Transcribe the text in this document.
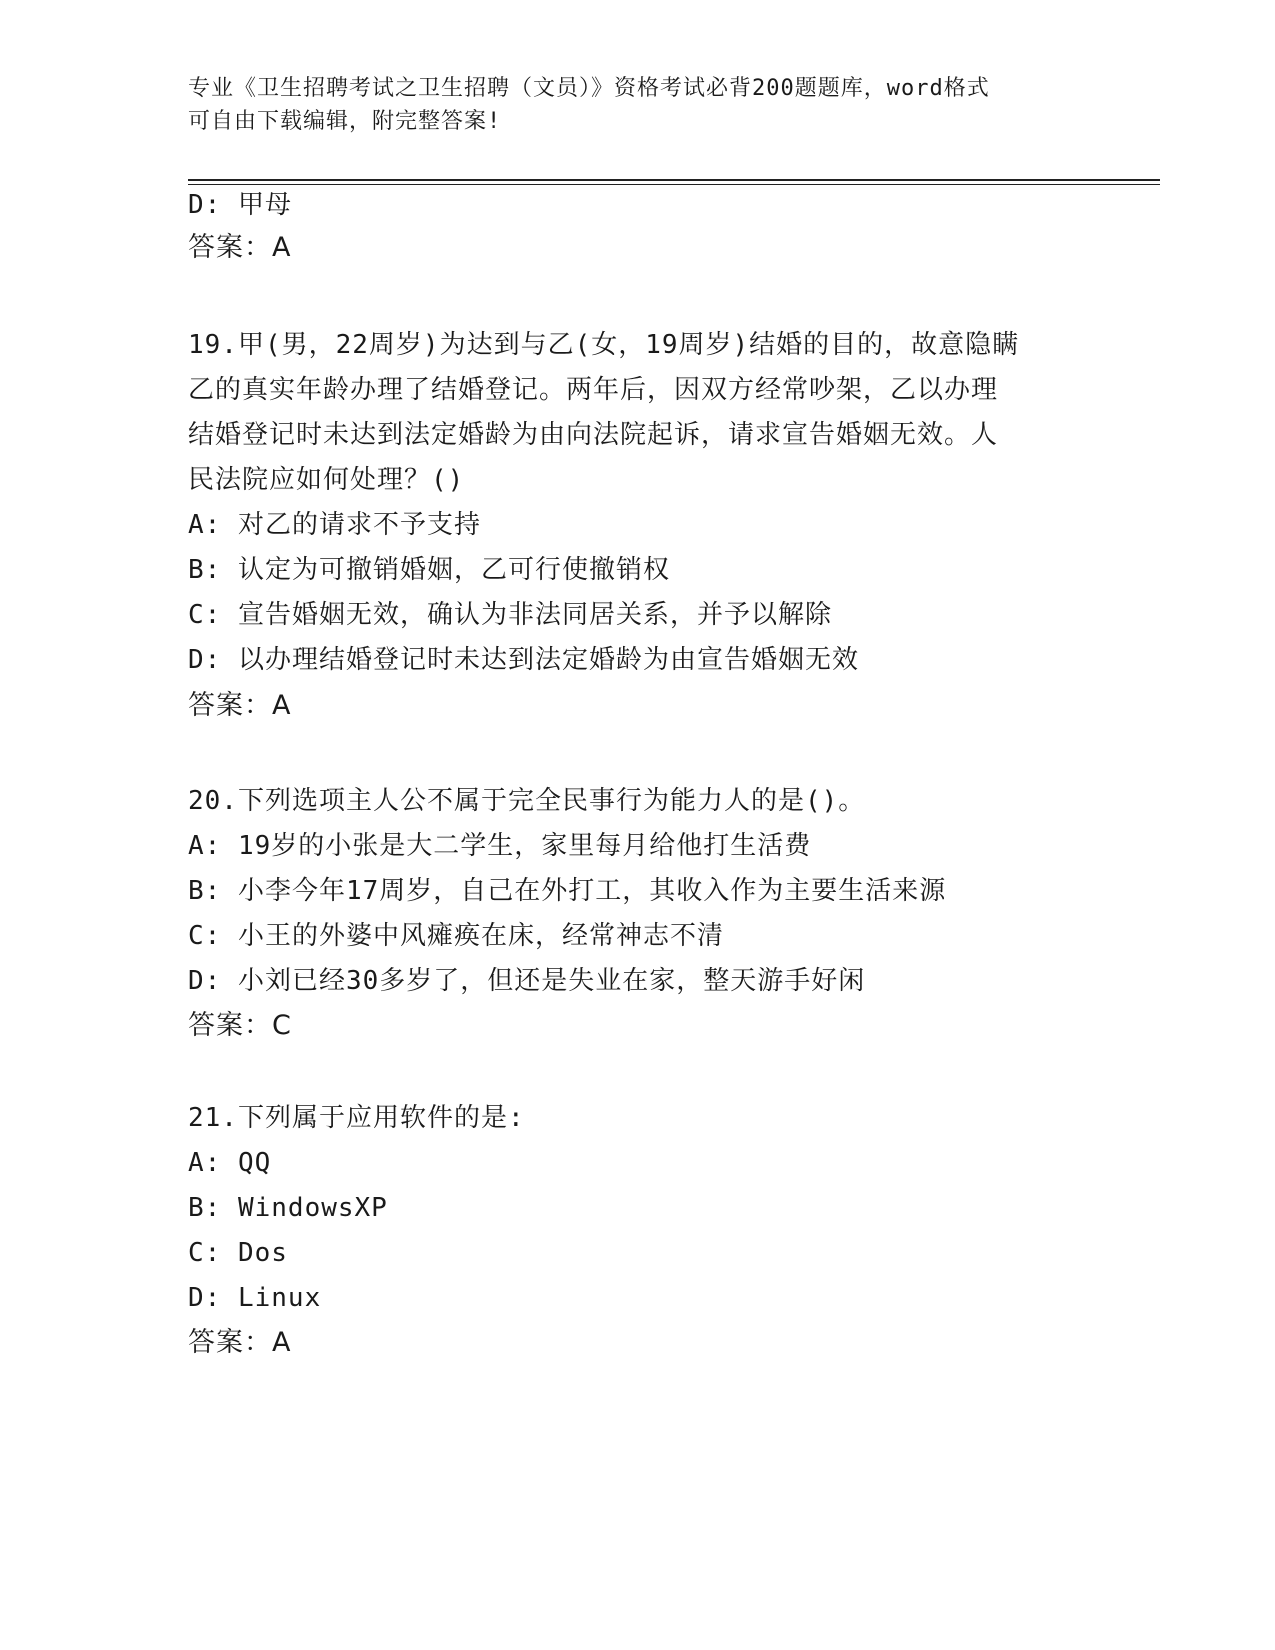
专业《卫生招聘考试之卫生招聘（文员）》资格考试必背200题题库，word格式
可自由下载编辑，附完整答案!
D: 甲母
答案：A
19.甲(男，22周岁)为达到与乙(女，19周岁)结婚的目的，故意隐瞒
乙的真实年龄办理了结婚登记。两年后，因双方经常吵架，乙以办理
结婚登记时未达到法定婚龄为由向法院起诉，请求宣告婚姻无效。人
民法院应如何处理？()
A: 对乙的请求不予支持
B: 认定为可撤销婚姻，乙可行使撤销权
C: 宣告婚姻无效，确认为非法同居关系，并予以解除
D: 以办理结婚登记时未达到法定婚龄为由宣告婚姻无效
答案：A
20.下列选项主人公不属于完全民事行为能力人的是()。
A: 19岁的小张是大二学生，家里每月给他打生活费
B: 小李今年17周岁，自己在外打工，其收入作为主要生活来源
C: 小王的外婆中风瘫痪在床，经常神志不清
D: 小刘已经30多岁了，但还是失业在家，整天游手好闲
答案：C
21.下列属于应用软件的是:
A: QQ
B: WindowsXP
C: Dos
D: Linux
答案：A
